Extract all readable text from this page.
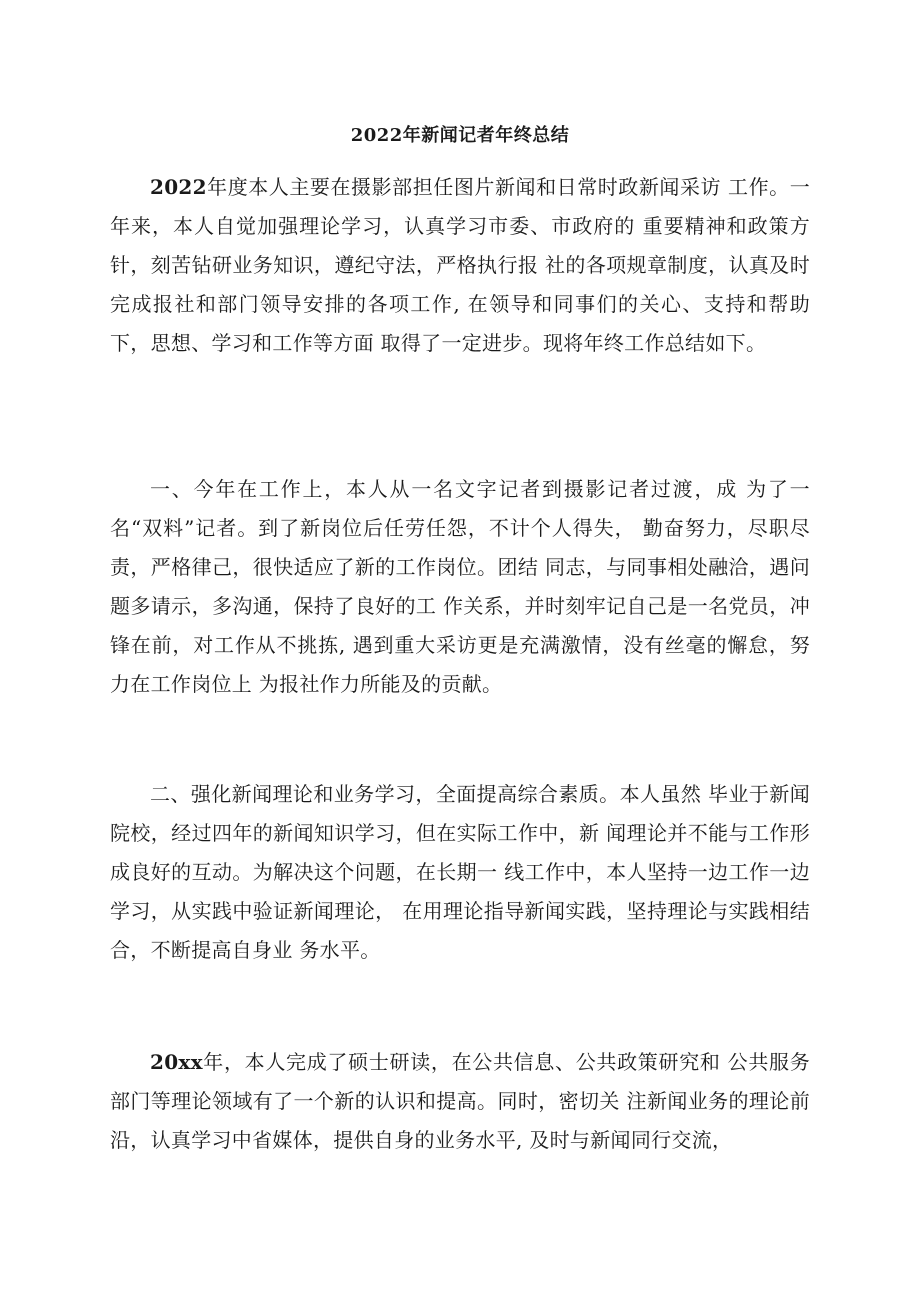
2022年新闻记者年终总结

2022年度本人主要在摄影部担任图片新闻和日常时政新闻采访 工作。一年来，本人自觉加强理论学习，认真学习市委、市政府的 重要精神和政策方针，刻苦钻研业务知识，遵纪守法，严格执行报 社的各项规章制度，认真及时完成报社和部门领导安排的各项工作, 在领导和同事们的关心、支持和帮助下，思想、学习和工作等方面 取得了一定进步。现将年终工作总结如下。

一、今年在工作上，本人从一名文字记者到摄影记者过渡，成 为了一名“双料”记者。到了新岗位后任劳任怨，不计个人得失， 勤奋努力，尽职尽责，严格律己，很快适应了新的工作岗位。团结 同志，与同事相处融洽，遇问题多请示，多沟通，保持了良好的工 作关系，并时刻牢记自己是一名党员，冲锋在前，对工作从不挑拣, 遇到重大采访更是充满激情，没有丝毫的懈怠，努力在工作岗位上 为报社作力所能及的贡献。

二、强化新闻理论和业务学习，全面提高综合素质。本人虽然 毕业于新闻院校，经过四年的新闻知识学习，但在实际工作中，新 闻理论并不能与工作形成良好的互动。为解决这个问题，在长期一 线工作中，本人坚持一边工作一边学习，从实践中验证新闻理论， 在用理论指导新闻实践，坚持理论与实践相结合，不断提高自身业 务水平。

20xx年，本人完成了硕士研读，在公共信息、公共政策研究和 公共服务部门等理论领域有了一个新的认识和提高。同时，密切关 注新闻业务的理论前沿，认真学习中省媒体，提供自身的业务水平, 及时与新闻同行交流，
